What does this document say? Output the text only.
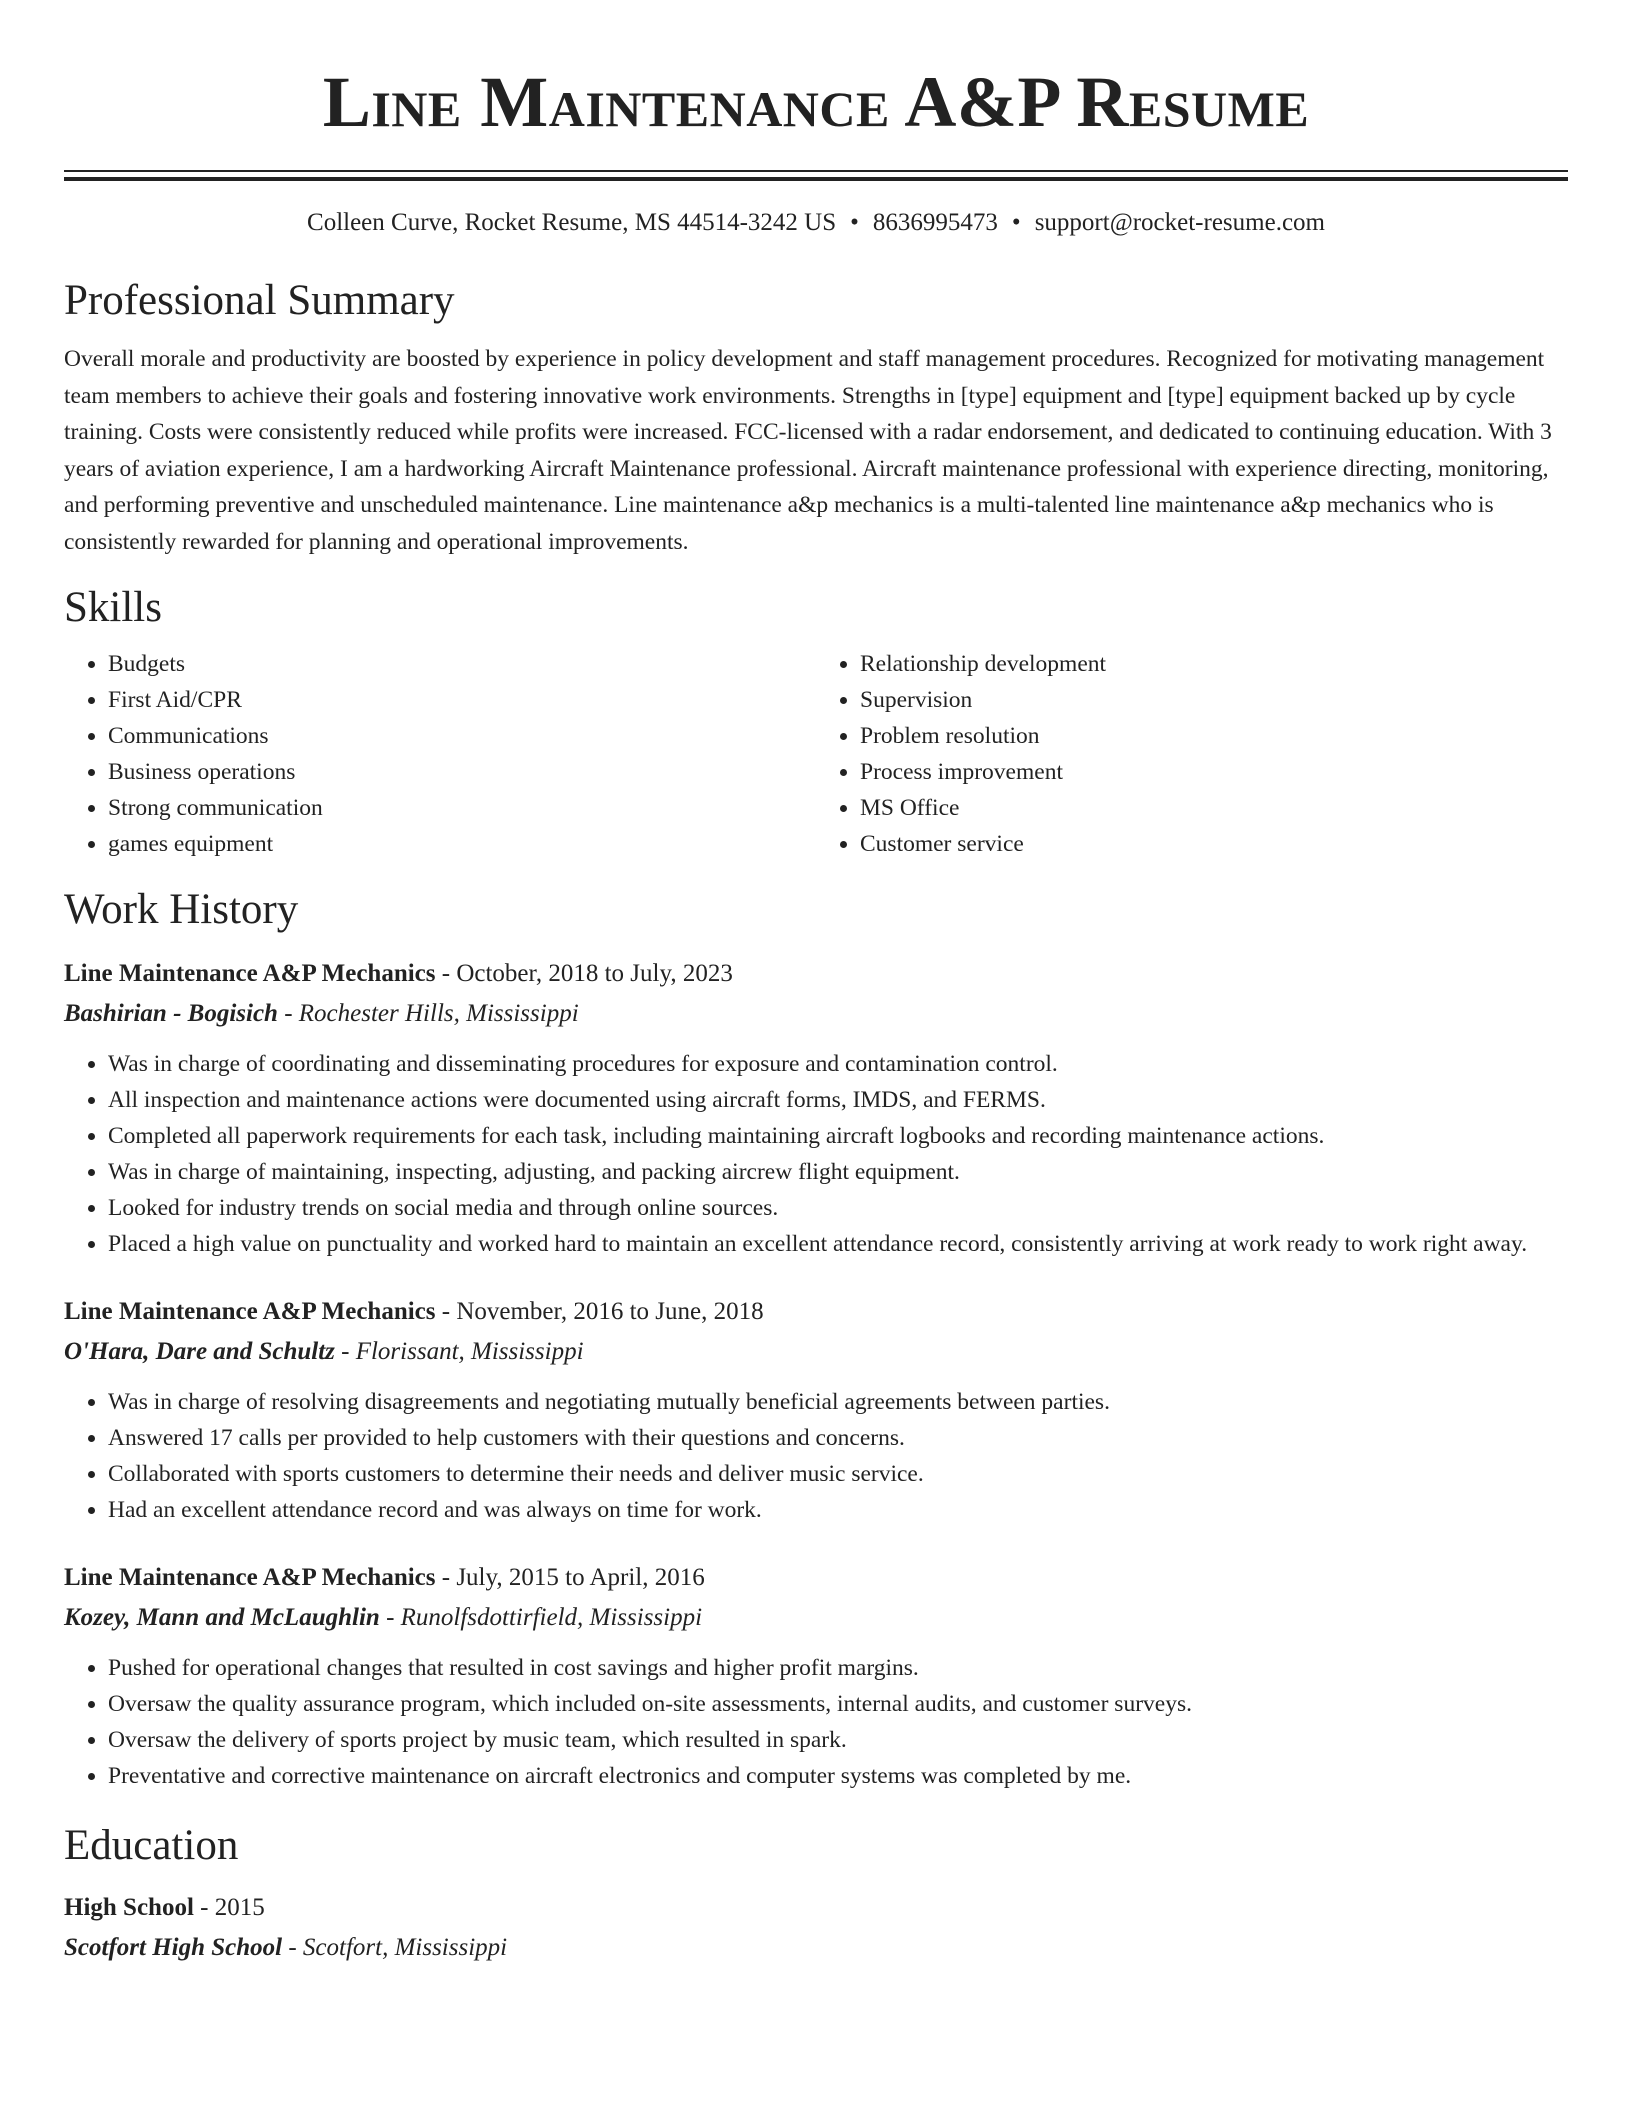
Line Maintenance A&P Resume
Colleen Curve, Rocket Resume, MS 44514-3242 US • 8636995473 • support@rocket-resume.com
Professional Summary
Overall morale and productivity are boosted by experience in policy development and staff management procedures. Recognized for motivating management team members to achieve their goals and fostering innovative work environments. Strengths in [type] equipment and [type] equipment backed up by cycle training. Costs were consistently reduced while profits were increased. FCC-licensed with a radar endorsement, and dedicated to continuing education. With 3 years of aviation experience, I am a hardworking Aircraft Maintenance professional. Aircraft maintenance professional with experience directing, monitoring, and performing preventive and unscheduled maintenance. Line maintenance a&p mechanics is a multi-talented line maintenance a&p mechanics who is consistently rewarded for planning and operational improvements.
Skills
• Budgets
• First Aid/CPR
• Communications
• Business operations
• Strong communication
• games equipment
• Relationship development
• Supervision
• Problem resolution
• Process improvement
• MS Office
• Customer service
Work History
Line Maintenance A&P Mechanics - October, 2018 to July, 2023
Bashirian - Bogisich - Rochester Hills, Mississippi
• Was in charge of coordinating and disseminating procedures for exposure and contamination control.
• All inspection and maintenance actions were documented using aircraft forms, IMDS, and FERMS.
• Completed all paperwork requirements for each task, including maintaining aircraft logbooks and recording maintenance actions.
• Was in charge of maintaining, inspecting, adjusting, and packing aircrew flight equipment.
• Looked for industry trends on social media and through online sources.
• Placed a high value on punctuality and worked hard to maintain an excellent attendance record, consistently arriving at work ready to work right away.
Line Maintenance A&P Mechanics - November, 2016 to June, 2018
O'Hara, Dare and Schultz - Florissant, Mississippi
• Was in charge of resolving disagreements and negotiating mutually beneficial agreements between parties.
• Answered 17 calls per provided to help customers with their questions and concerns.
• Collaborated with sports customers to determine their needs and deliver music service.
• Had an excellent attendance record and was always on time for work.
Line Maintenance A&P Mechanics - July, 2015 to April, 2016
Kozey, Mann and McLaughlin - Runolfsdottirfield, Mississippi
• Pushed for operational changes that resulted in cost savings and higher profit margins.
• Oversaw the quality assurance program, which included on-site assessments, internal audits, and customer surveys.
• Oversaw the delivery of sports project by music team, which resulted in spark.
• Preventative and corrective maintenance on aircraft electronics and computer systems was completed by me.
Education
High School - 2015
Scotfort High School - Scotfort, Mississippi
